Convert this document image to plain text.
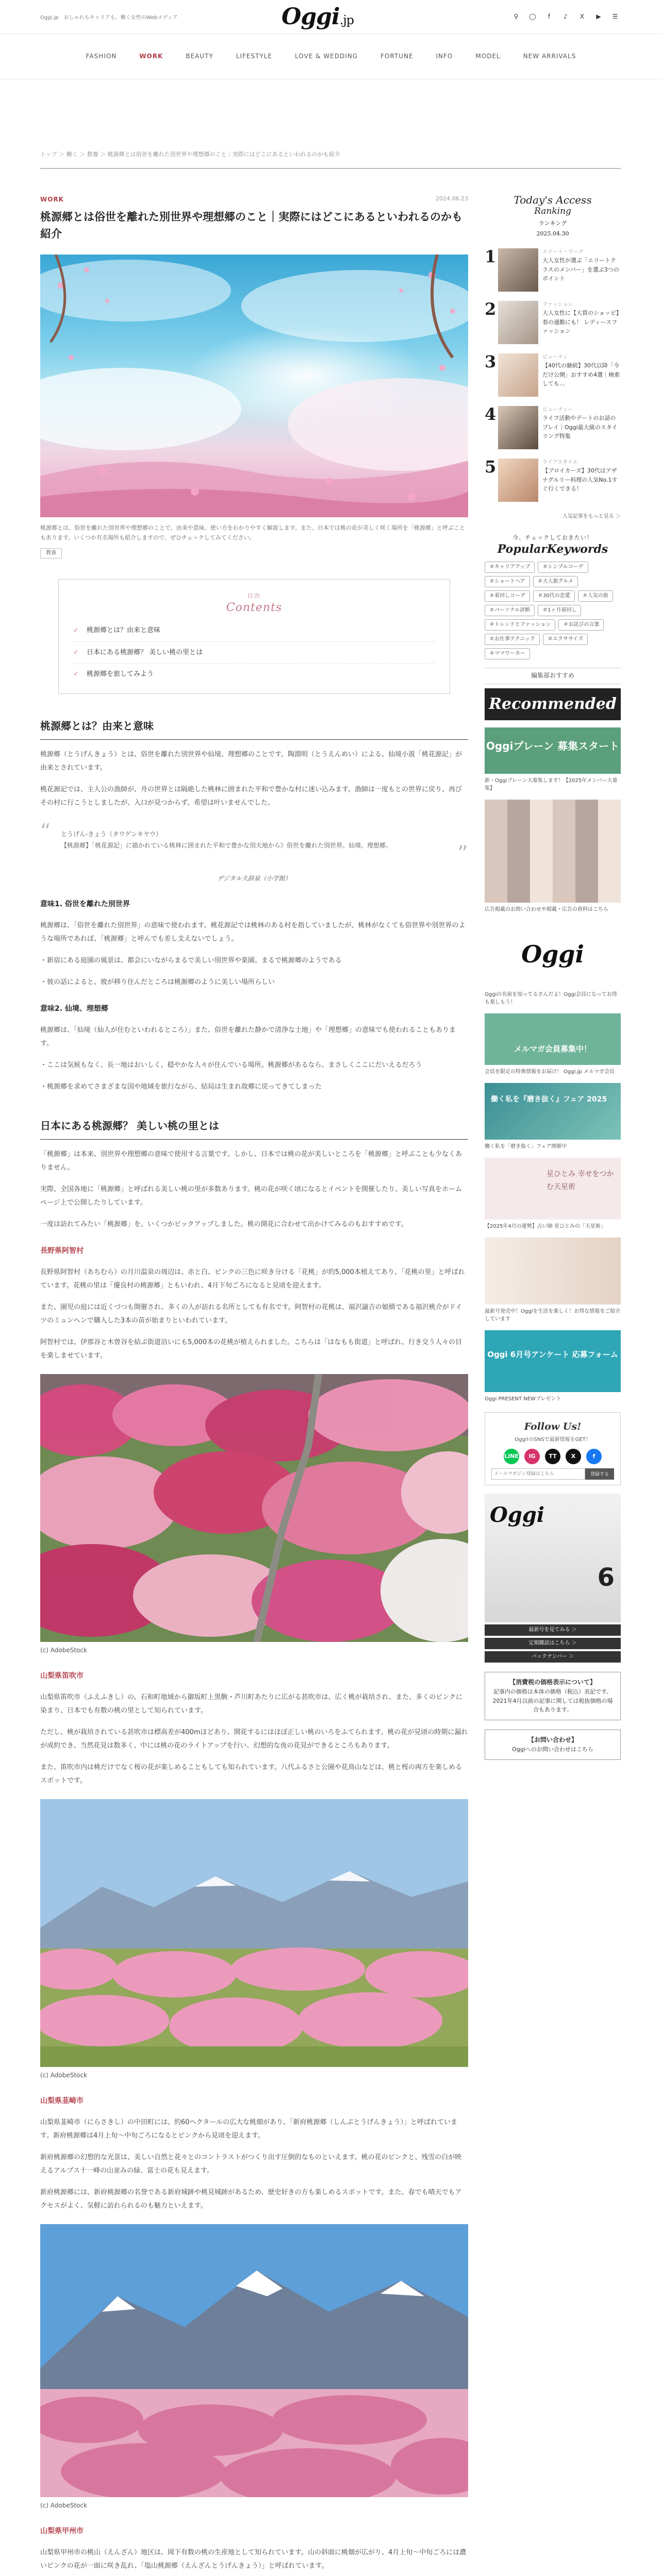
Oggi.jp　おしゃれもキャリアも。働く女性のWebメディア	Oggi.jp	⚲	◯	f	♪	X	▶	☰
FASHION	WORK	BEAUTY	LIFESTYLE	LOVE & WEDDING	FORTUNE	INFO	MODEL	NEW ARRIVALS
トップ ＞ 働く ＞ 教養 ＞ 桃源郷とは俗世を離れた別世界や理想郷のこと｜実際にはどこにあるといわれるのかも紹介
WORK	2024.06.23
桃源郷とは俗世を離れた別世界や理想郷のこと｜実際にはどこにあるといわれるのかも紹介

桃源郷とは、俗世を離れた別世界や理想郷のことで、由来や意味、使い方をわかりやすく解説します。また、日本では桃の花が美しく咲く場所を「桃源郷」と呼ぶこともあります。いくつか有名場所も紹介しますので、ぜひチェックしてみてください。

教養
目次
Contents
✓ 桃源郷とは？由来と意味
✓ 日本にある桃源郷？ 美しい桃の里とは
✓ 桃源郷を旅してみよう
桃源郷とは？由来と意味

桃源郷（とうげんきょう）とは、俗世を離れた別世界や仙境、理想郷のことです。陶淵明（とうえんめい）による、仙境小説「桃花源記」が由来とされています。

桃花源記では、主人公の漁師が、舟の世界とは隔絶した桃林に囲まれた平和で豊かな村に迷い込みます。漁師は一度もとの世界に戻り、再びその村に行こうとしましたが、入口が見つからず、希望は叶いませんでした。

“ とうげん-きょう（タウゲンキヤウ）
【桃源郷】「桃花源記」に描かれている桃林に囲まれた平和で豊かな別天地から》俗世を離れた別世界。仙境。理想郷。	”
デジタル大辞泉（小学館）
意味1. 俗世を離れた別世界

桃源郷は、「俗世を離れた別世界」の意味で使われます。桃花源記では桃林のある村を指していましたが、桃林がなくても俗世界や別世界のような場所であれば、「桃源郷」と呼んでも差し支えないでしょう。

・新宿にある庭園の風景は、都会にいながらまるで美しい別世界や楽園。まるで桃源郷のようである

・彼の話によると、彼が移り住んだところは桃源郷のように美しい場所らしい

意味2. 仙境、理想郷

桃源郷は、「仙境（仙人が住むといわれるところ）」また、俗世を離れた静かで清浄な土地」や「理想郷」の意味でも使われることもあります。

・ここは気候もなく、長一地はおいしく、穏やかな人々が住んでいる場所。桃源郷があるなら、まさしくここにだいえるだろう

・桃源郷を求めてさまざまな国や地域を旅行ながら、結局は生まれ故郷に戻ってきてしまった

日本にある桃源郷？ 美しい桃の里とは

「桃源郷」は本来、別世界や理想郷の意味で使用する言葉です。しかし、日本では桃の花が美しいところを「桃源郷」と呼ぶことも少なくありません。

実際、全国各地に「桃源郷」と呼ばれる美しい桃の里が多数あります。桃の花が咲く頃になるとイベントを開催したり、美しい写真をホームページ上で公開したりしています。

一度は訪れてみたい「桃源郷」を、いくつかピックアップしました。桃の開花に合わせて出かけてみるのもおすすめです。

長野県阿智村

長野県阿智村（あちむら）の月川温泉の周辺は、赤と白、ピンクの三色に咲き分ける「花桃」が約5,000本植えてあり、「花桃の里」と呼ばれています。花桃の里は「優良村の桃源郷」ともいわれ、4月下旬ごろになると見頃を迎えます。

また、園児の庭には近くづつも開催され、多くの人が訪れる名所としても有名です。阿智村の花桃は、福沢諭吉の娘婿である福沢桃介がドイツのミュンヘンで購入した3本の苗が始まりといわれています。

阿智村では、伊那谷と木曽谷を結ぶ街道沿いにも5,000本の花桃が植えられました。こちらは「はなもも街道」と呼ばれ、行き交う人々の目を楽しませています。

(c) AdobeStock
山梨県笛吹市

山梨県笛吹市（ふえふきし）の、石和町地域から御坂町上黒駒・芦川町あたりに広がる甚吹市は、広く桃が栽培され、また、多くのピンクに染まり、日本でも有数の桃の里として知られています。

ただし、桃が栽培されている甚吹市は標高差が400mほどあり、開花するにはほぼ正しい桃のいろをふてられます。桃の花が見頃の時期に漏れが成約でき、当然花見は数多く、中には桃の花のライトアップを行い、幻想的な夜の花見ができるところもあります。

また、笛吹市内は桃だけでなく桜の花が楽しめることもしても知られています。八代ふるさと公園や花鳥山などは、桃と桜の両方を楽しめるスポットです。

(c) AdobeStock
山梨県韮崎市

山梨県韮崎市（にらさきし）の中田町には、約60ヘクタールの広大な桃畑があり、「新府桃源郷（しんぷとうげんきょう）」と呼ばれています。新府桃源郷は4月上旬〜中旬ごろになるとピンクから見頃を迎えます。

新府桃源郷の幻想的な光景は、美しい自然と花々とのコントラストがつくり出す圧倒的なものといえます。桃の花のピンクと、残雪の白が映えるアルプス十一峰の山並みの緑、富士の花も見えます。

新府桃源郷には、新府桃源郷の名誉である新府城跡や桃見城跡があるため、歴史好きの方も楽しめるスポットです。また、春でも晴天でもアクセスがよく、気軽に訪れられるのも魅力といえます。

(c) AdobeStock
山梨県甲州市

山梨県甲州市の桃山（えんざん）地区は、岡下有数の桃の生産地として知られています。山の斜面に桃畑が広がり、4月上旬〜中旬ごろには濃いピンクの花が一面に咲き乱れ、「塩山桃源郷（えんざんとうげんきょう）」と呼ばれています。

Today's Access
Ranking
ランキング
2025.04.30
1	エリート・ワーク
大人女性が選ぶ「エリートクラスのメンバー」を選ぶ3つのポイント
2	ファッション
大人女性に【大買のショッピ】春の通勤にも！ レディースファッション
3	ビューティ
【40代の継続】30代以降「今だけ公開」おすすめ4選｜検索しても…
4	ビューティー
ライフ活動やデートのお話のプレイ｜Oggi最大級のスタイリング特集
5	ライフスタイル
【ブロイカーズ】30代はアザナグルリー料理の人気No.1すぐ行くできる！
人気記事をもっと見る ＞
今、チェックしておきたい！
PopularKeywords
＃キャリアアップ	＃シンプルコーデ
＃ショートヘア	＃大人旅グルメ
＃着回しコーデ	＃30代の恋愛	＃人気の旅
＃パーソナル診断	＃1ヶ月着回し
＃トレンドとファッション	＃お詫びの言葉
＃お仕事テクニック	＃エクササイズ
＃ママワーカー
編集部おすすめ
Recommended
Oggiプレーン 募集スタート
新・Oggiプレーン大募集します！【2025年メンバー大募集】
広告掲載のお問い合わせや掲載・広告の資料はこちら
Oggi
Oggiの名前を知ってるさんだよ！Oggi会員になってお得も楽しもう！
メルマガ会員募集中！
会員を限定の特典情報をお届け！ Oggi.jp メルマガ会員
働く私を『磨き抜く』フェア 2025
働く私を「磨き抜く」フェア開催中
星ひとみ 幸せをつかむ天星術
【2025年4月の運勢】占い師 星ひとみの「天星術」
最新号発売中！Oggiを生活を楽しく！お得な情報をご紹介しています
Oggi 6月号アンケート 応募フォーム
Oggi PRESENT NEWプレゼント
Follow Us!
Oggi!のSNSで最新情報をGET！
LINE	IG	TT	X	f
メールマガジン登録はこちら
登録する
Oggi
6
最新号を見てみる ＞
定期購読はこちら ＞
バックナンバー ＞
【消費税の価格表示について】
記事内の価格は本体の価格（税込）表記です。2021年4月以前の記事に関しては税抜価格の場合もあります。
【お問い合わせ】
Oggiへのお問い合わせはこちら
